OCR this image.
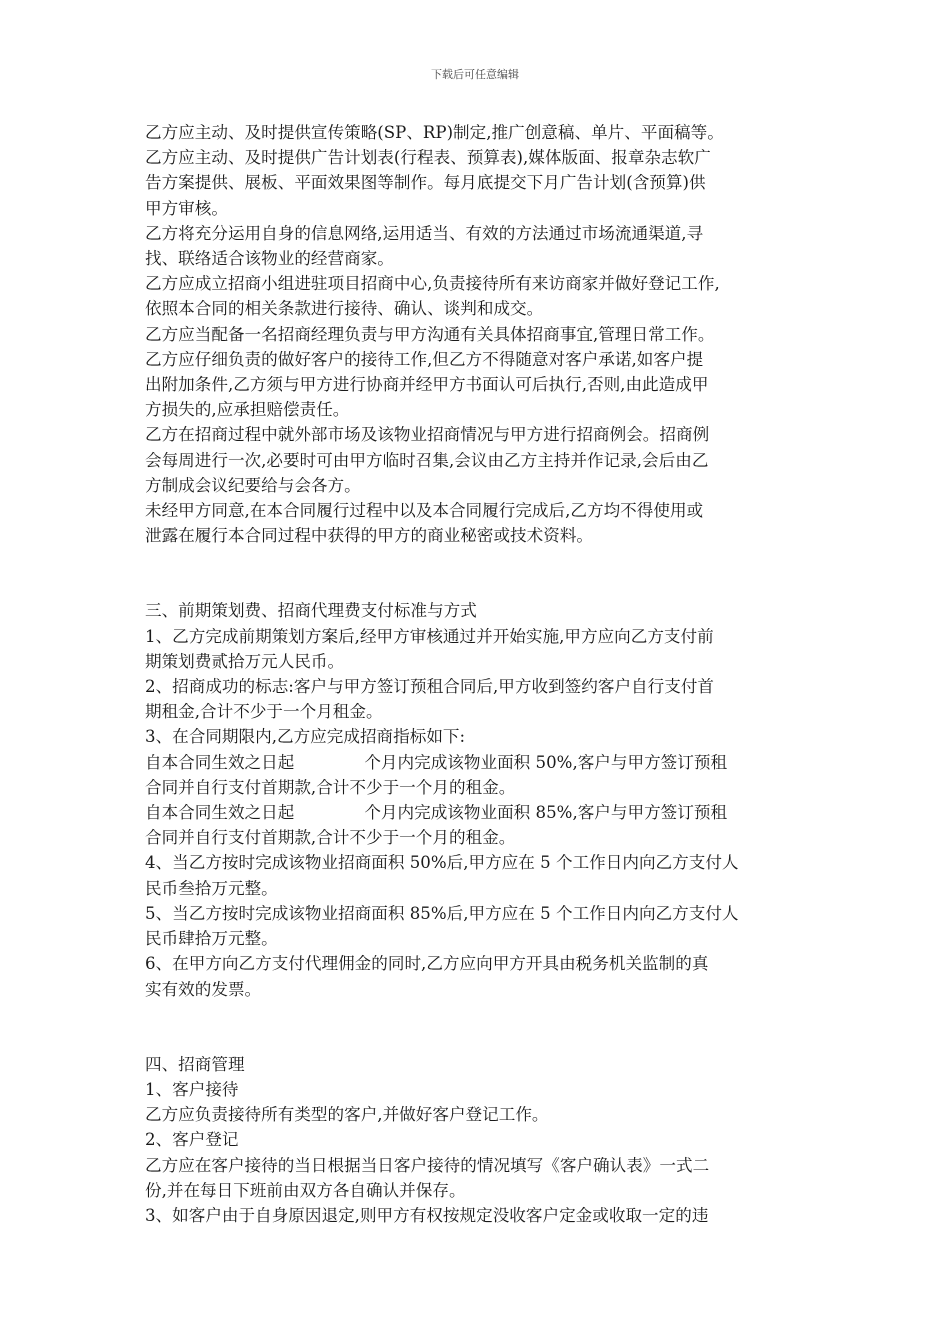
下载后可任意编辑

乙方应主动、及时提供宣传策略(SP、RP)制定,推广创意稿、单片、平面稿等。

乙方应主动、及时提供广告计划表(行程表、预算表),媒体版面、报章杂志软广

告方案提供、展板、平面效果图等制作。每月底提交下月广告计划(含预算)供

甲方审核。

乙方将充分运用自身的信息网络,运用适当、有效的方法通过市场流通渠道,寻

找、联络适合该物业的经营商家。

乙方应成立招商小组进驻项目招商中心,负责接待所有来访商家并做好登记工作,

依照本合同的相关条款进行接待、确认、谈判和成交。

乙方应当配备一名招商经理负责与甲方沟通有关具体招商事宜,管理日常工作。

乙方应仔细负责的做好客户的接待工作,但乙方不得随意对客户承诺,如客户提

出附加条件,乙方须与甲方进行协商并经甲方书面认可后执行,否则,由此造成甲

方损失的,应承担赔偿责任。

乙方在招商过程中就外部市场及该物业招商情况与甲方进行招商例会。招商例

会每周进行一次,必要时可由甲方临时召集,会议由乙方主持并作记录,会后由乙

方制成会议纪要给与会各方。

未经甲方同意,在本合同履行过程中以及本合同履行完成后,乙方均不得使用或

泄露在履行本合同过程中获得的甲方的商业秘密或技术资料。

三、前期策划费、招商代理费支付标准与方式

1、乙方完成前期策划方案后,经甲方审核通过并开始实施,甲方应向乙方支付前

期策划费贰拾万元人民币。

2、招商成功的标志:客户与甲方签订预租合同后,甲方收到签约客户自行支付首

期租金,合计不少于一个月租金。

3、在合同期限内,乙方应完成招商指标如下:

自本合同生效之日起	个月内完成该物业面积 50%,客户与甲方签订预租

合同并自行支付首期款,合计不少于一个月的租金。

自本合同生效之日起	个月内完成该物业面积 85%,客户与甲方签订预租

合同并自行支付首期款,合计不少于一个月的租金。

4、当乙方按时完成该物业招商面积 50%后,甲方应在 5 个工作日内向乙方支付人

民币叁拾万元整。

5、当乙方按时完成该物业招商面积 85%后,甲方应在 5 个工作日内向乙方支付人

民币肆拾万元整。

6、在甲方向乙方支付代理佣金的同时,乙方应向甲方开具由税务机关监制的真

实有效的发票。

四、招商管理

1、客户接待

乙方应负责接待所有类型的客户,并做好客户登记工作。

2、客户登记

乙方应在客户接待的当日根据当日客户接待的情况填写《客户确认表》一式二

份,并在每日下班前由双方各自确认并保存。

3、如客户由于自身原因退定,则甲方有权按规定没收客户定金或收取一定的违
